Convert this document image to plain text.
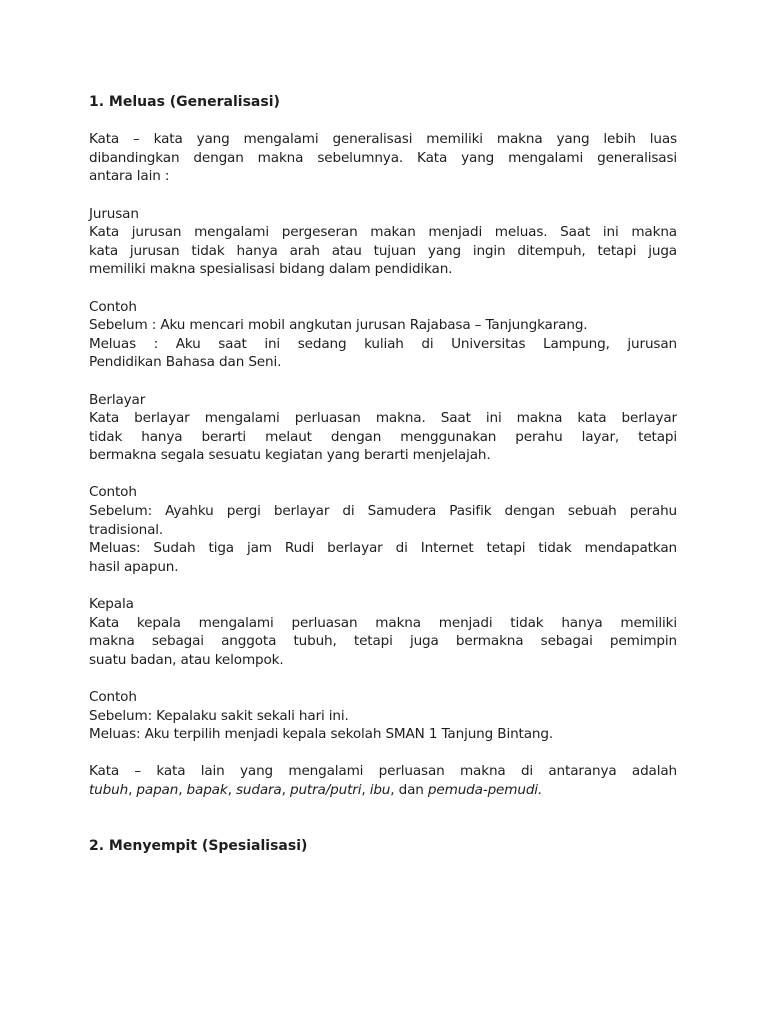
1. Meluas (Generalisasi)
Kata – kata yang mengalami generalisasi memiliki makna yang lebih luas
dibandingkan dengan makna sebelumnya. Kata yang mengalami generalisasi
antara lain :
Jurusan
Kata jurusan mengalami pergeseran makan menjadi meluas. Saat ini makna
kata jurusan tidak hanya arah atau tujuan yang ingin ditempuh, tetapi juga
memiliki makna spesialisasi bidang dalam pendidikan.
Contoh
Sebelum : Aku mencari mobil angkutan jurusan Rajabasa – Tanjungkarang.
Meluas : Aku saat ini sedang kuliah di Universitas Lampung, jurusan
Pendidikan Bahasa dan Seni.
Berlayar
Kata berlayar mengalami perluasan makna. Saat ini makna kata berlayar
tidak hanya berarti melaut dengan menggunakan perahu layar, tetapi
bermakna segala sesuatu kegiatan yang berarti menjelajah.
Contoh
Sebelum: Ayahku pergi berlayar di Samudera Pasifik dengan sebuah perahu
tradisional.
Meluas: Sudah tiga jam Rudi berlayar di Internet tetapi tidak mendapatkan
hasil apapun.
Kepala
Kata kepala mengalami perluasan makna menjadi tidak hanya memiliki
makna sebagai anggota tubuh, tetapi juga bermakna sebagai pemimpin
suatu badan, atau kelompok.
Contoh
Sebelum: Kepalaku sakit sekali hari ini.
Meluas: Aku terpilih menjadi kepala sekolah SMAN 1 Tanjung Bintang.
Kata – kata lain yang mengalami perluasan makna di antaranya adalah
tubuh, papan, bapak, sudara, putra/putri, ibu, dan pemuda-pemudi.
2. Menyempit (Spesialisasi)
